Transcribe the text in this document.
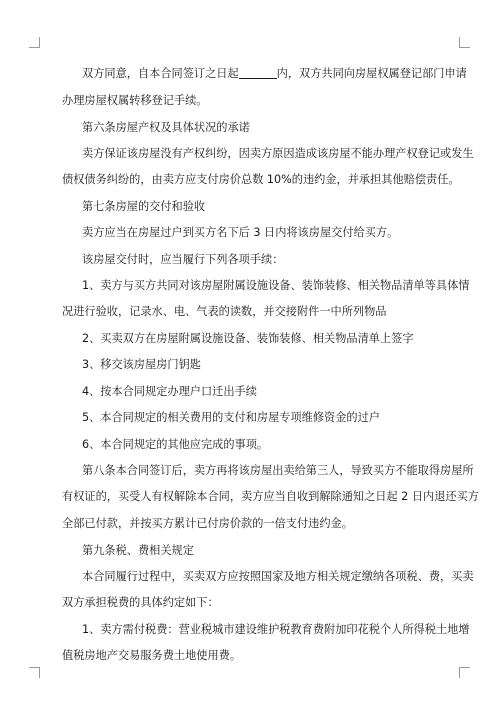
双方同意，自本合同签订之日起	内，双方共同向房屋权属登记部门申请
办理房屋权属转移登记手续。
第六条房屋产权及具体状况的承诺
卖方保证该房屋没有产权纠纷，因卖方原因造成该房屋不能办理产权登记或发生
债权债务纠纷的，由卖方应支付房价总数 10%的违约金，并承担其他赔偿责任。
第七条房屋的交付和验收
卖方应当在房屋过户到买方名下后 3 日内将该房屋交付给买方。
该房屋交付时，应当履行下列各项手续：
1、卖方与买方共同对该房屋附属设施设备、装饰装修、相关物品清单等具体情
况进行验收，记录水、电、气表的读数，并交接附件一中所列物品
2、买卖双方在房屋附属设施设备、装饰装修、相关物品清单上签字
3、移交该房屋房门钥匙
4、按本合同规定办理户口迁出手续
5、本合同规定的相关费用的支付和房屋专项维修资金的过户
6、本合同规定的其他应完成的事项。
第八条本合同签订后，卖方再将该房屋出卖给第三人，导致买方不能取得房屋所
有权证的，买受人有权解除本合同，卖方应当自收到解除通知之日起 2 日内退还买方
全部已付款，并按买方累计已付房价款的一倍支付违约金。
第九条税、费相关规定
本合同履行过程中，买卖双方应按照国家及地方相关规定缴纳各项税、费，买卖
双方承担税费的具体约定如下：
1、卖方需付税费：营业税城市建设维护税教育费附加印花税个人所得税土地增
值税房地产交易服务费土地使用费。
